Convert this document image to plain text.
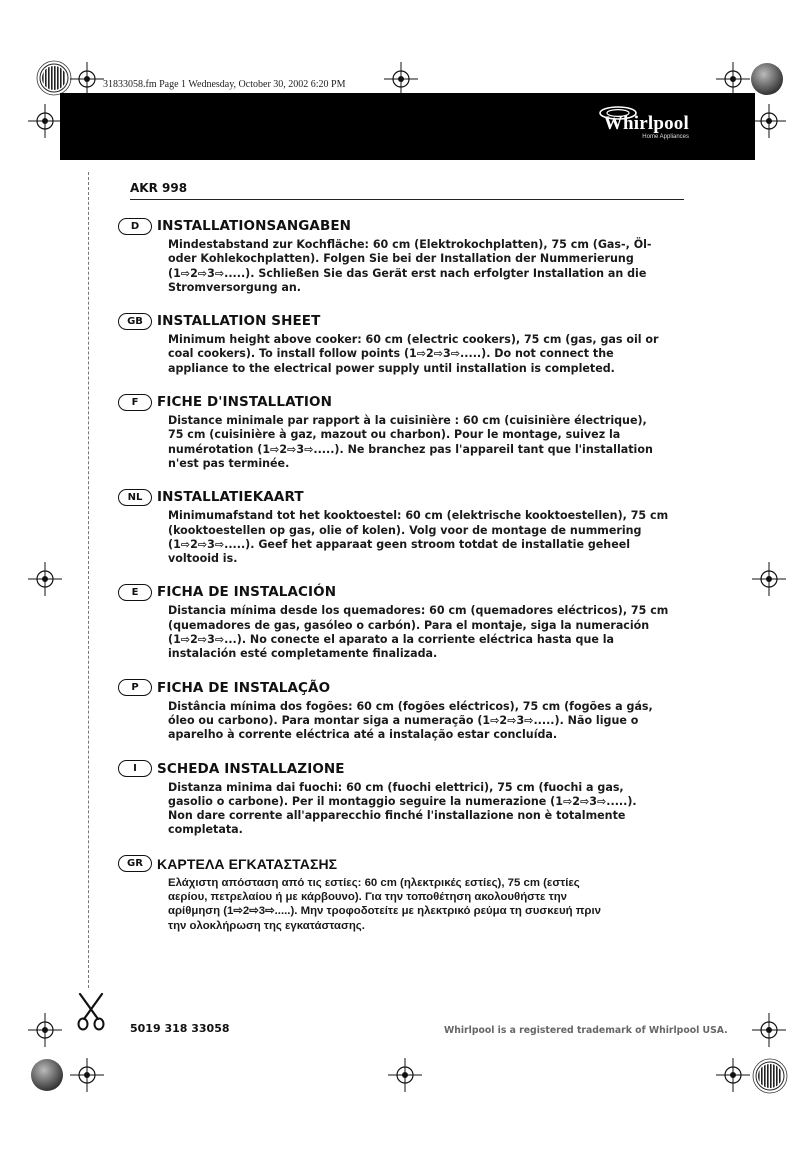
31833058.fm Page 1 Wednesday, October 30, 2002 6:20 PM
Whirlpool
Home Appliances
AKR 998
D	INSTALLATIONSANGABEN
Mindestabstand zur Kochfläche: 60 cm (Elektrokochplatten), 75 cm (Gas-, Öl-
oder Kohlekochplatten). Folgen Sie bei der Installation der Nummerierung
(1⇨2⇨3⇨.....). Schließen Sie das Gerät erst nach erfolgter Installation an die
Stromversorgung an.
GB	INSTALLATION SHEET
Minimum height above cooker: 60 cm (electric cookers), 75 cm (gas, gas oil or
coal cookers). To install follow points (1⇨2⇨3⇨.....). Do not connect the
appliance to the electrical power supply until installation is completed.
F	FICHE D'INSTALLATION
Distance minimale par rapport à la cuisinière : 60 cm (cuisinière électrique),
75 cm (cuisinière à gaz, mazout ou charbon). Pour le montage, suivez la
numérotation (1⇨2⇨3⇨.....). Ne branchez pas l'appareil tant que l'installation
n'est pas terminée.
NL	INSTALLATIEKAART
Minimumafstand tot het kooktoestel: 60 cm (elektrische kooktoestellen), 75 cm
(kooktoestellen op gas, olie of kolen). Volg voor de montage de nummering
(1⇨2⇨3⇨.....). Geef het apparaat geen stroom totdat de installatie geheel
voltooid is.
E	FICHA DE INSTALACIÓN
Distancia mínima desde los quemadores: 60 cm (quemadores eléctricos), 75 cm
(quemadores de gas, gasóleo o carbón). Para el montaje, siga la numeración
(1⇨2⇨3⇨...). No conecte el aparato a la corriente eléctrica hasta que la
instalación esté completamente finalizada.
P	FICHA DE INSTALAÇÃO
Distância mínima dos fogões: 60 cm (fogões eléctricos), 75 cm (fogões a gás,
óleo ou carbono). Para montar siga a numeração (1⇨2⇨3⇨.....). Não ligue o
aparelho à corrente eléctrica até a instalação estar concluída.
I	SCHEDA INSTALLAZIONE
Distanza minima dai fuochi: 60 cm (fuochi elettrici), 75 cm (fuochi a gas,
gasolio o carbone). Per il montaggio seguire la numerazione (1⇨2⇨3⇨.....).
Non dare corrente all'apparecchio finché l'installazione non è totalmente
completata.
GR	ΚΑΡΤΕΛΑ ΕΓΚΑΤΑΣΤΑΣΗΣ
Ελάχιστη απόσταση από τις εστίες: 60 cm (ηλεκτρικές εστίες), 75 cm (εστίες
αερίου, πετρελαίου ή με κάρβουνο). Για την τοποθέτηση ακολουθήστε την
αρίθμηση (1⇨2⇨3⇨.....). Μην τροφοδοτείτε με ηλεκτρικό ρεύμα τη συσκευή πριν
την ολοκλήρωση της εγκατάστασης.
5019 318 33058	Whirlpool is a registered trademark of Whirlpool USA.
